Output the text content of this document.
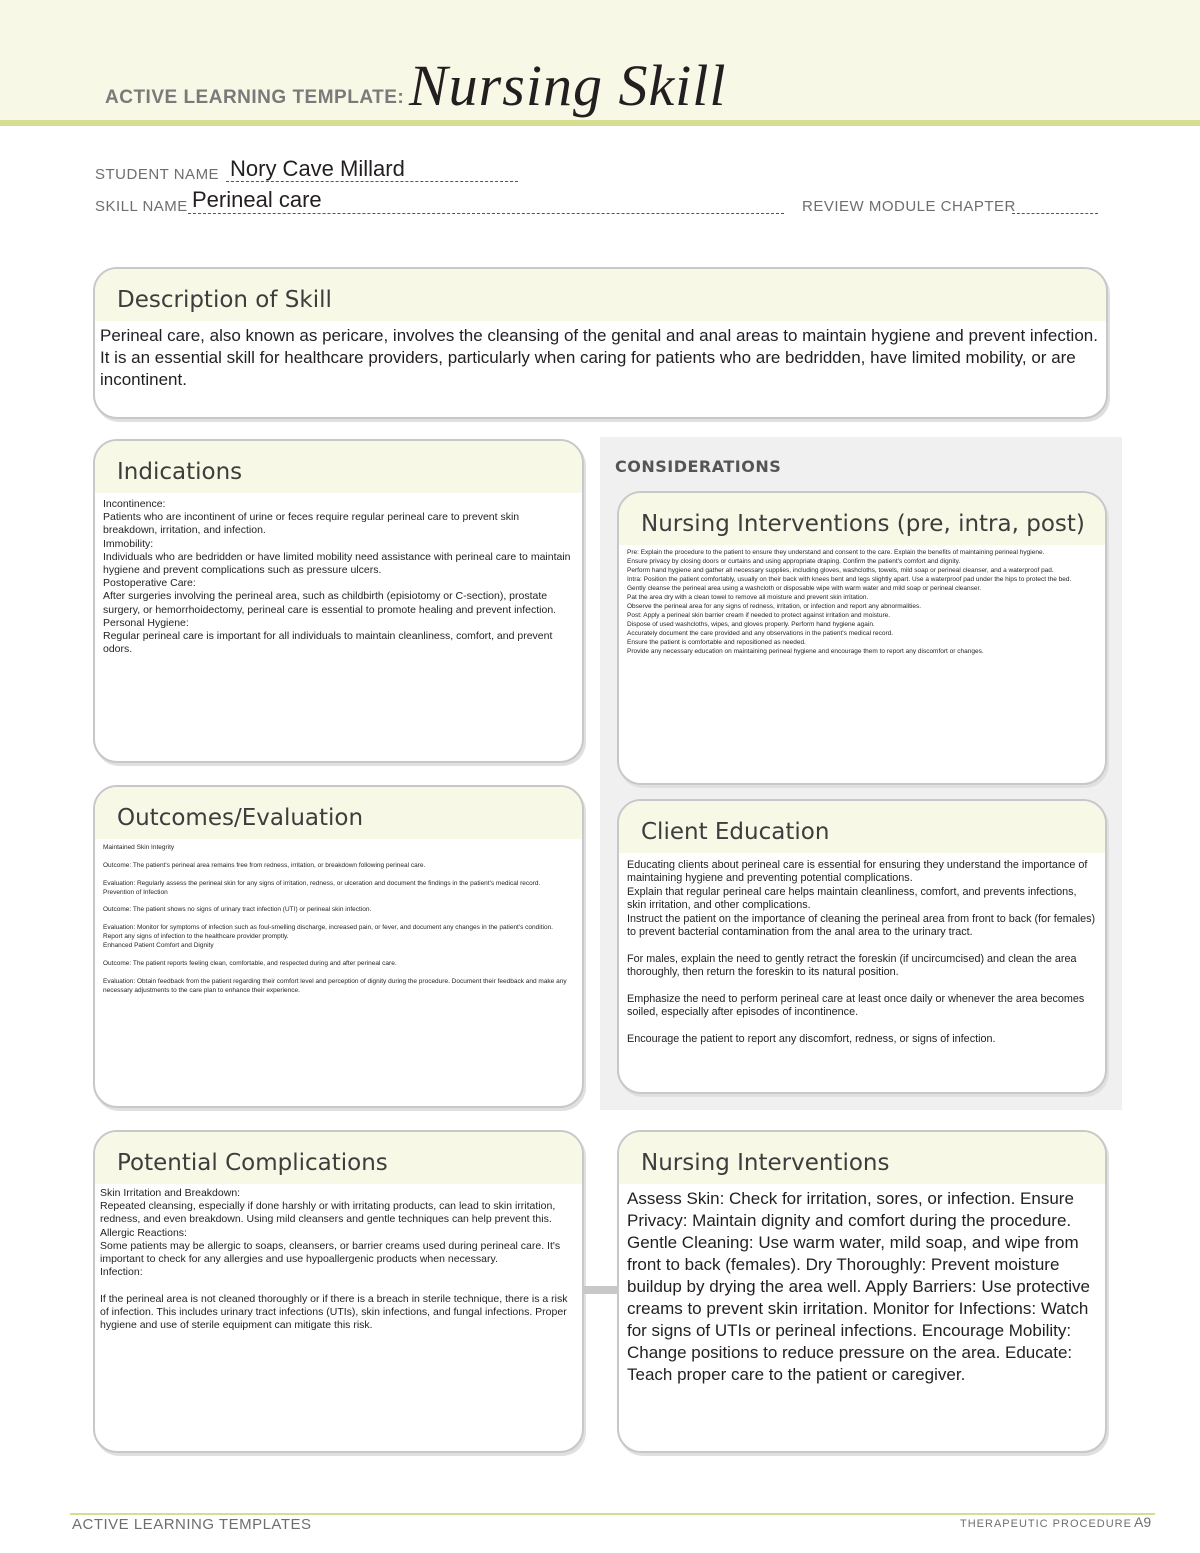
ACTIVE LEARNING TEMPLATE: Nursing Skill
STUDENT NAME Nory Cave Millard
SKILL NAME Perineal care	REVIEW MODULE CHAPTER
Description of Skill
Perineal care, also known as pericare, involves the cleansing of the genital and anal areas to maintain hygiene and prevent infection. It is an essential skill for healthcare providers, particularly when caring for patients who are bedridden, have limited mobility, or are incontinent.
CONSIDERATIONS
Indications
Incontinence:
Patients who are incontinent of urine or feces require regular perineal care to prevent skin breakdown, irritation, and infection.
Immobility:
Individuals who are bedridden or have limited mobility need assistance with perineal care to maintain hygiene and prevent complications such as pressure ulcers.
Postoperative Care:
After surgeries involving the perineal area, such as childbirth (episiotomy or C-section), prostate surgery, or hemorrhoidectomy, perineal care is essential to promote healing and prevent infection.
Personal Hygiene:
Regular perineal care is important for all individuals to maintain cleanliness, comfort, and prevent odors.
Nursing Interventions (pre, intra, post)
Pre: Explain the procedure to the patient to ensure they understand and consent to the care. Explain the benefits of maintaining perineal hygiene.
Ensure privacy by closing doors or curtains and using appropriate draping. Confirm the patient's comfort and dignity.
Perform hand hygiene and gather all necessary supplies, including gloves, washcloths, towels, mild soap or perineal cleanser, and a waterproof pad.
Intra: Position the patient comfortably, usually on their back with knees bent and legs slightly apart. Use a waterproof pad under the hips to protect the bed.
Gently cleanse the perineal area using a washcloth or disposable wipe with warm water and mild soap or perineal cleanser.
Pat the area dry with a clean towel to remove all moisture and prevent skin irritation.
Observe the perineal area for any signs of redness, irritation, or infection and report any abnormalities.
Post: Apply a perineal skin barrier cream if needed to protect against irritation and moisture.
Dispose of used washcloths, wipes, and gloves properly. Perform hand hygiene again.
Accurately document the care provided and any observations in the patient's medical record.
Ensure the patient is comfortable and repositioned as needed.
Provide any necessary education on maintaining perineal hygiene and encourage them to report any discomfort or changes.
Outcomes/Evaluation
Maintained Skin Integrity

Outcome: The patient's perineal area remains free from redness, irritation, or breakdown following perineal care.

Evaluation: Regularly assess the perineal skin for any signs of irritation, redness, or ulceration and document the findings in the patient's medical record.
Prevention of Infection

Outcome: The patient shows no signs of urinary tract infection (UTI) or perineal skin infection.

Evaluation: Monitor for symptoms of infection such as foul-smelling discharge, increased pain, or fever, and document any changes in the patient's condition. Report any signs of infection to the healthcare provider promptly.
Enhanced Patient Comfort and Dignity

Outcome: The patient reports feeling clean, comfortable, and respected during and after perineal care.

Evaluation: Obtain feedback from the patient regarding their comfort level and perception of dignity during the procedure. Document their feedback and make any necessary adjustments to the care plan to enhance their experience.
Client Education
Educating clients about perineal care is essential for ensuring they understand the importance of maintaining hygiene and preventing potential complications.
Explain that regular perineal care helps maintain cleanliness, comfort, and prevents infections, skin irritation, and other complications.
Instruct the patient on the importance of cleaning the perineal area from front to back (for females) to prevent bacterial contamination from the anal area to the urinary tract.

For males, explain the need to gently retract the foreskin (if uncircumcised) and clean the area thoroughly, then return the foreskin to its natural position.

Emphasize the need to perform perineal care at least once daily or whenever the area becomes soiled, especially after episodes of incontinence.

Encourage the patient to report any discomfort, redness, or signs of infection.
Potential Complications
Skin Irritation and Breakdown:
Repeated cleansing, especially if done harshly or with irritating products, can lead to skin irritation, redness, and even breakdown. Using mild cleansers and gentle techniques can help prevent this.
Allergic Reactions:
Some patients may be allergic to soaps, cleansers, or barrier creams used during perineal care. It's important to check for any allergies and use hypoallergenic products when necessary.
Infection:

If the perineal area is not cleaned thoroughly or if there is a breach in sterile technique, there is a risk of infection. This includes urinary tract infections (UTIs), skin infections, and fungal infections. Proper hygiene and use of sterile equipment can mitigate this risk.
Nursing Interventions
Assess Skin: Check for irritation, sores, or infection. Ensure Privacy: Maintain dignity and comfort during the procedure. Gentle Cleaning: Use warm water, mild soap, and wipe from front to back (females). Dry Thoroughly: Prevent moisture buildup by drying the area well. Apply Barriers: Use protective creams to prevent skin irritation. Monitor for Infections: Watch for signs of UTIs or perineal infections. Encourage Mobility: Change positions to reduce pressure on the area. Educate: Teach proper care to the patient or caregiver.
ACTIVE LEARNING TEMPLATES	THERAPEUTIC PROCEDURE A9
